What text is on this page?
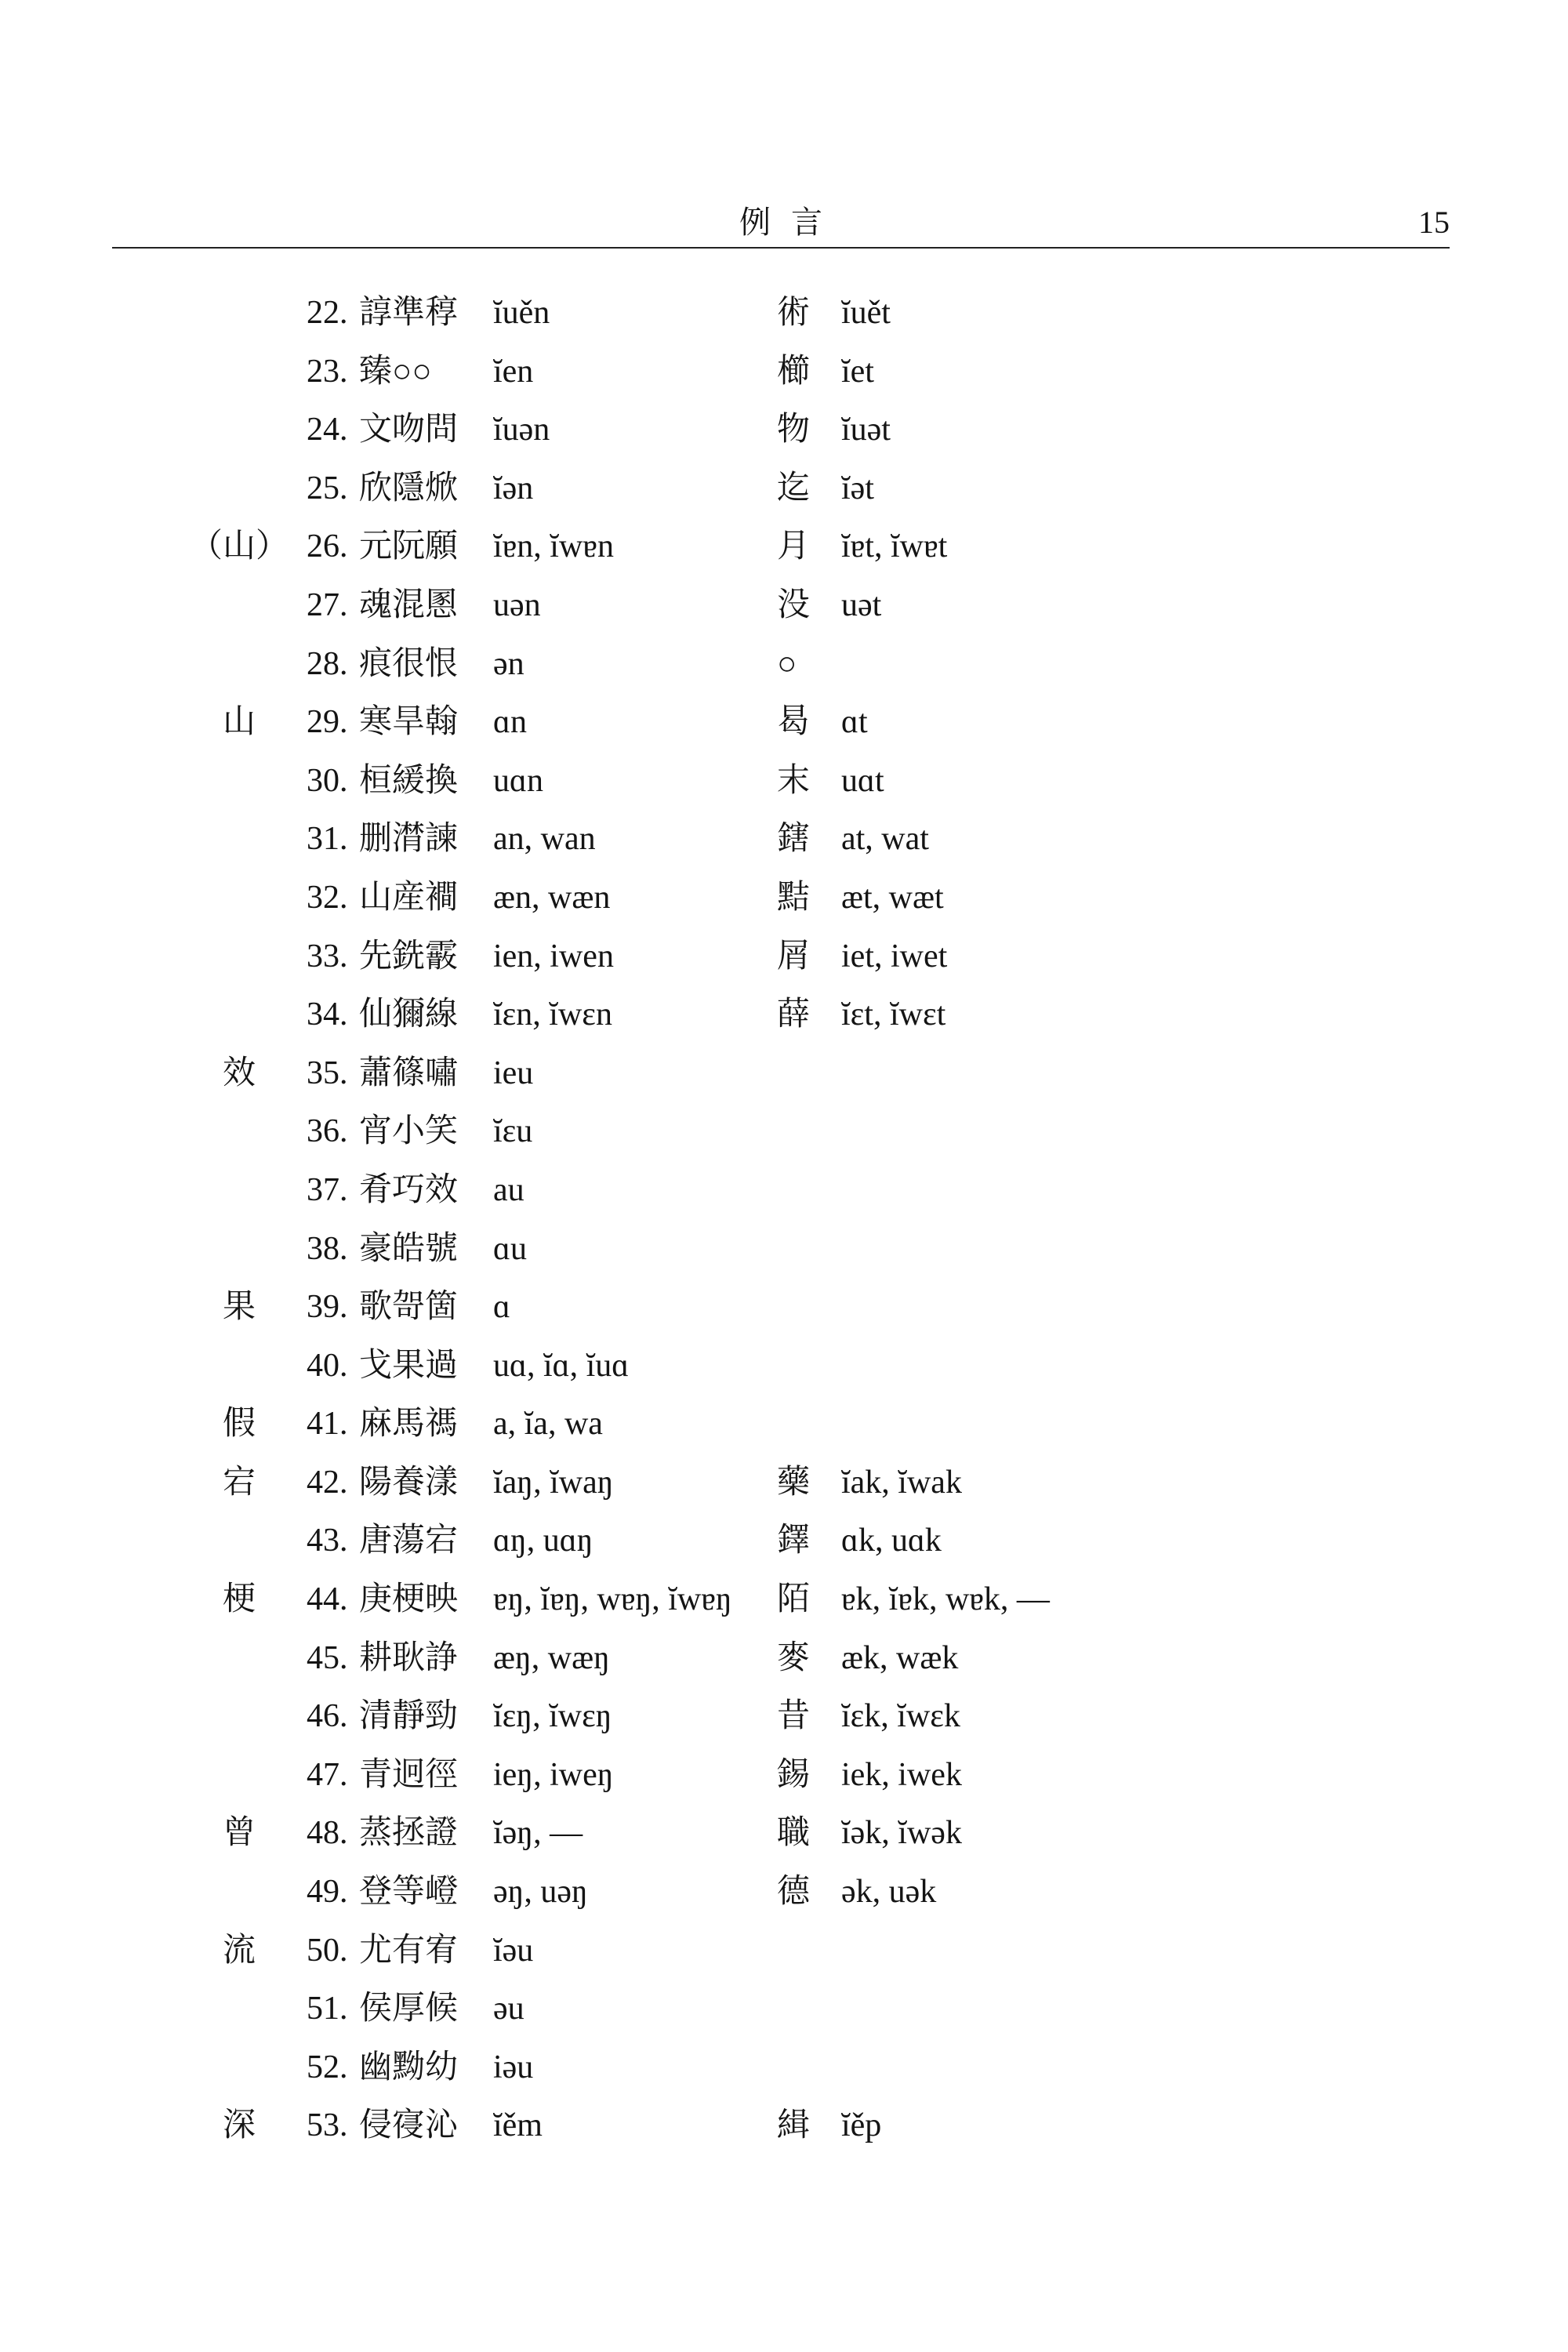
例 言	15
22. 諄準稕 ĭuěn	術 ĭuět
23. 臻○○ ĭen	櫛 ĭet
24. 文吻問 ĭuən	物 ĭuət
25. 欣隱焮 ĭən	迄 ĭət
（山） 26. 元阮願 ĭɐn, ĭwɐn	月 ĭɐt, ĭwɐt
27. 魂混慁 uən	没 uət
28. 痕很恨 ən	○
山	29. 寒旱翰 ɑn	曷 ɑt
30. 桓緩換 uɑn	末 uɑt
31. 删潸諫 an, wan	鎋 at, wat
32. 山産襇 æn, wæn	黠 æt, wæt
33. 先銑霰 ien, iwen	屑 iet, iwet
34. 仙獮線 ĭɛn, ĭwɛn	薛 ĭɛt, ĭwɛt
效	35. 蕭篠嘯 ieu
36. 宵小笑 ĭɛu
37. 肴巧效 au
38. 豪皓號 ɑu
果	39. 歌哿箇 ɑ
40. 戈果過 uɑ, ĭɑ, ĭuɑ
假	41. 麻馬禡 a, ĭa, wa
宕	42. 陽養漾 ĭaŋ, ĭwaŋ	藥 ĭak, ĭwak
43. 唐蕩宕 ɑŋ, uɑŋ	鐸 ɑk, uɑk
梗	44. 庚梗映 ɐŋ, ĭɐŋ, wɐŋ, ĭwɐŋ 陌 ɐk, ĭɐk, wɐk, —
45. 耕耿諍 æŋ, wæŋ	麥 æk, wæk
46. 清靜勁 ĭɛŋ, ĭwɛŋ	昔 ĭɛk, ĭwɛk
47. 青迥徑 ieŋ, iweŋ	錫 iek, iwek
曾	48. 蒸拯證 ĭəŋ, —	職 ĭək, ĭwək
49. 登等嶝 əŋ, uəŋ	德 ək, uək
流	50. 尤有宥 ĭəu
51. 侯厚候 əu
52. 幽黝幼 iəu
深	53. 侵寑沁 ĭěm	緝 ĭěp
